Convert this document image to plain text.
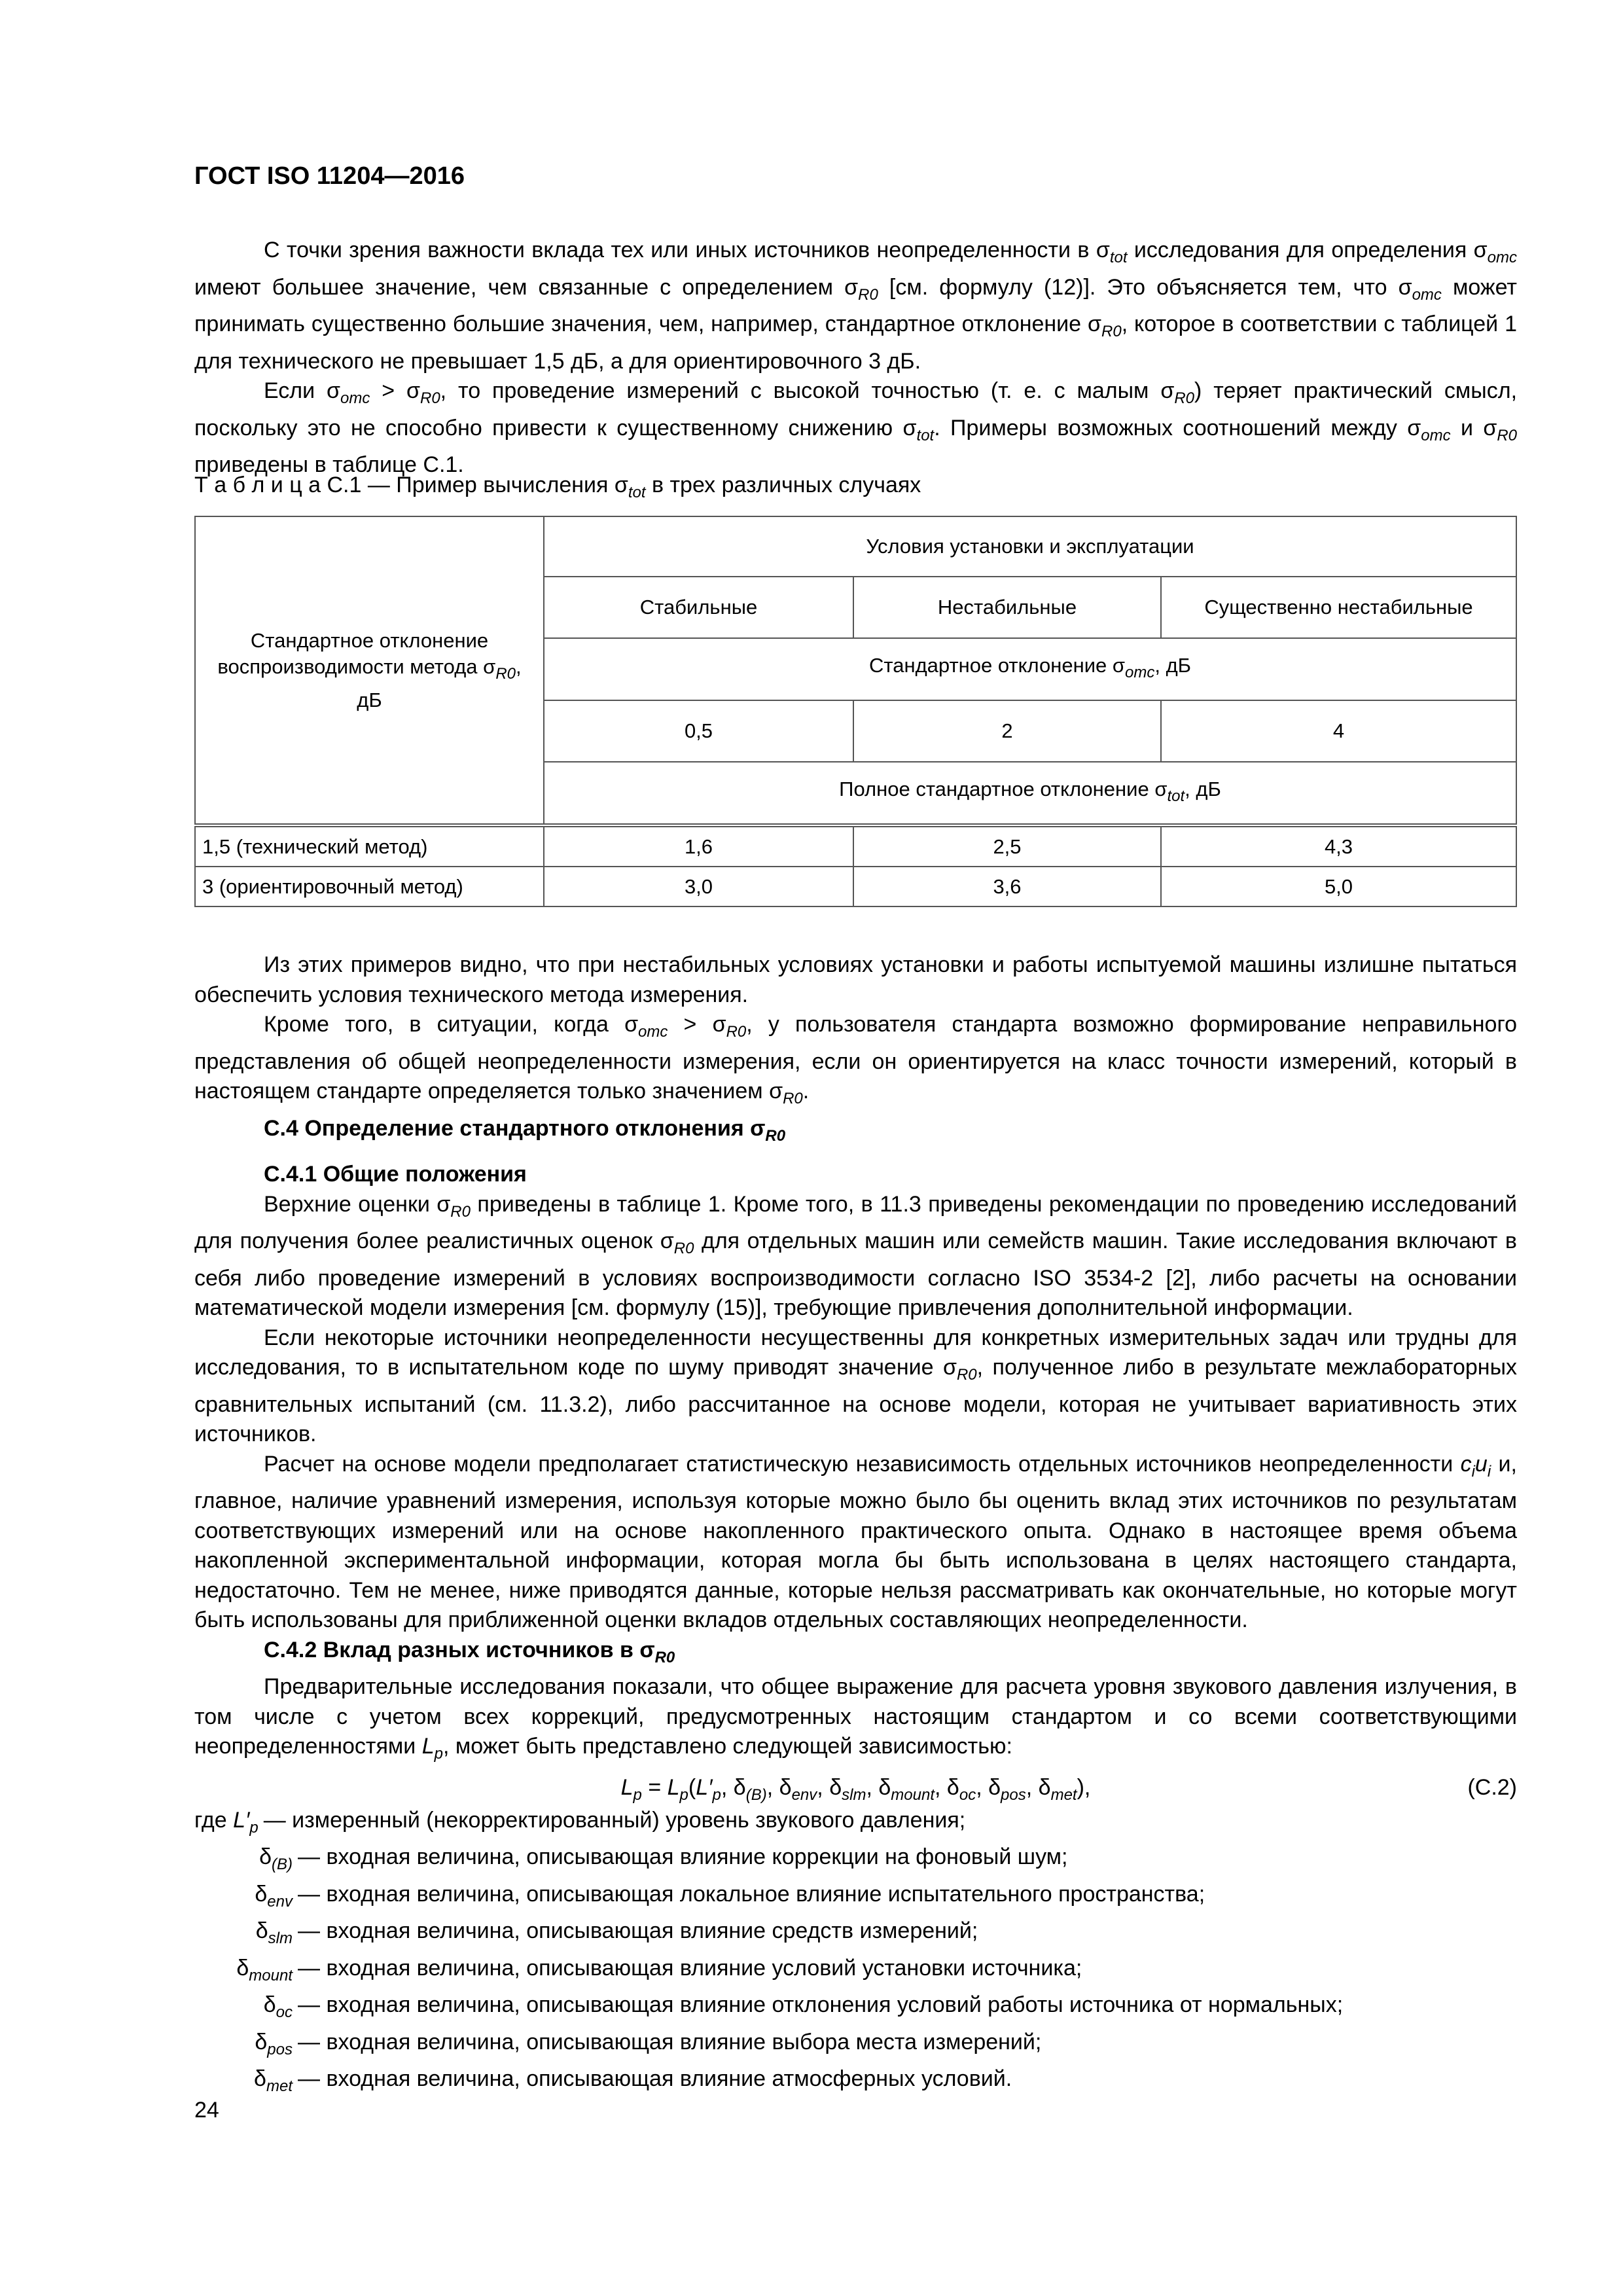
ГОСТ ISO 11204—2016

С точки зрения важности вклада тех или иных источников неопределенности в $\sigma_{tot}$ исследования для определения $\sigma_{omc}$ имеют большее значение, чем связанные с определением $\sigma_{R0}$ [см. формулу (12)]. Это объясняется тем, что $\sigma_{omc}$ может принимать существенно большие значения, чем, например, стандартное отклонение $\sigma_{R0}$, которое в соответствии с таблицей 1 для технического не превышает 1,5 дБ, а для ориентировочного 3 дБ.

Если $\sigma_{omc} > \sigma_{R0}$, то проведение измерений с высокой точностью (т. е. с малым $\sigma_{R0}$) теряет практический смысл, поскольку это не способно привести к существенному снижению $\sigma_{tot}$. Примеры возможных соотношений между $\sigma_{omc}$ и $\sigma_{R0}$ приведены в таблице С.1.

Т а б л и ц а С.1 — Пример вычисления $\sigma_{tot}$ в трех различных случаях
Стандартное отклонение воспроизводимости метода $\sigma_{R0}$, дБ	Условия установки и эксплуатации		
	Стабильные	Нестабильные	Существенно нестабильные
	Стандартное отклонение $\sigma_{omc}$, дБ		
	0,5	2	4
	Полное стандартное отклонение $\sigma_{tot}$, дБ		
1,5 (технический метод)	1,6	2,5	4,3
3 (ориентировочный метод)	3,0	3,6	5,0

Из этих примеров видно, что при нестабильных условиях установки и работы испытуемой машины излишне пытаться обеспечить условия технического метода измерения.

Кроме того, в ситуации, когда $\sigma_{omc} > \sigma_{R0}$, у пользователя стандарта возможно формирование неправильного представления об общей неопределенности измерения, если он ориентируется на класс точности измерений, который в настоящем стандарте определяется только значением $\sigma_{R0}$.

С.4 Определение стандартного отклонения $\sigma_{R0}$
С.4.1 Общие положения

Верхние оценки $\sigma_{R0}$ приведены в таблице 1. Кроме того, в 11.3 приведены рекомендации по проведению исследований для получения более реалистичных оценок $\sigma_{R0}$ для отдельных машин или семейств машин. Такие исследования включают в себя либо проведение измерений в условиях воспроизводимости согласно ISO 3534-2 [2], либо расчеты на основании математической модели измерения [см. формулу (15)], требующие привлечения дополнительной информации.

Если некоторые источники неопределенности несущественны для конкретных измерительных задач или трудны для исследования, то в испытательном коде по шуму приводят значение $\sigma_{R0}$, полученное либо в результате межлабораторных сравнительных испытаний (см. 11.3.2), либо рассчитанное на основе модели, которая не учитывает вариативность этих источников.

Расчет на основе модели предполагает статистическую независимость отдельных источников неопределенности $c_iu_i$ и, главное, наличие уравнений измерения, используя которые можно было бы оценить вклад этих источников по результатам соответствующих измерений или на основе накопленного практического опыта. Однако в настоящее время объема накопленной экспериментальной информации, которая могла бы быть использована в целях настоящего стандарта, недостаточно. Тем не менее, ниже приводятся данные, которые нельзя рассматривать как окончательные, но которые могут быть использованы для приближенной оценки вкладов отдельных составляющих неопределенности.

С.4.2 Вклад разных источников в $\sigma_{R0}$

Предварительные исследования показали, что общее выражение для расчета уровня звукового давления излучения, в том числе с учетом всех коррекций, предусмотренных настоящим стандартом и со всеми соответствующими неопределенностями $L_p$, может быть представлено следующей зависимостью:

$L_p = L_p(L'_p$, $\delta_{(B)}$, $\delta_{env}$, $\delta_{slm}$, $\delta_{mount}$, $\delta_{oc}$, $\delta_{pos}$, $\delta_{met}$),	(С.2)
где $L'_p$ — измеренный (некорректированный) уровень звукового давления;
$\delta_{(B)}$ — входная величина, описывающая влияние коррекции на фоновый шум;
$\delta_{env}$ — входная величина, описывающая локальное влияние испытательного пространства;
$\delta_{slm}$ — входная величина, описывающая влияние средств измерений;
$\delta_{mount}$ — входная величина, описывающая влияние условий установки источника;
$\delta_{oc}$ — входная величина, описывающая влияние отклонения условий работы источника от нормальных;
$\delta_{pos}$ — входная величина, описывающая влияние выбора места измерений;
$\delta_{met}$ — входная величина, описывающая влияние атмосферных условий.
24
